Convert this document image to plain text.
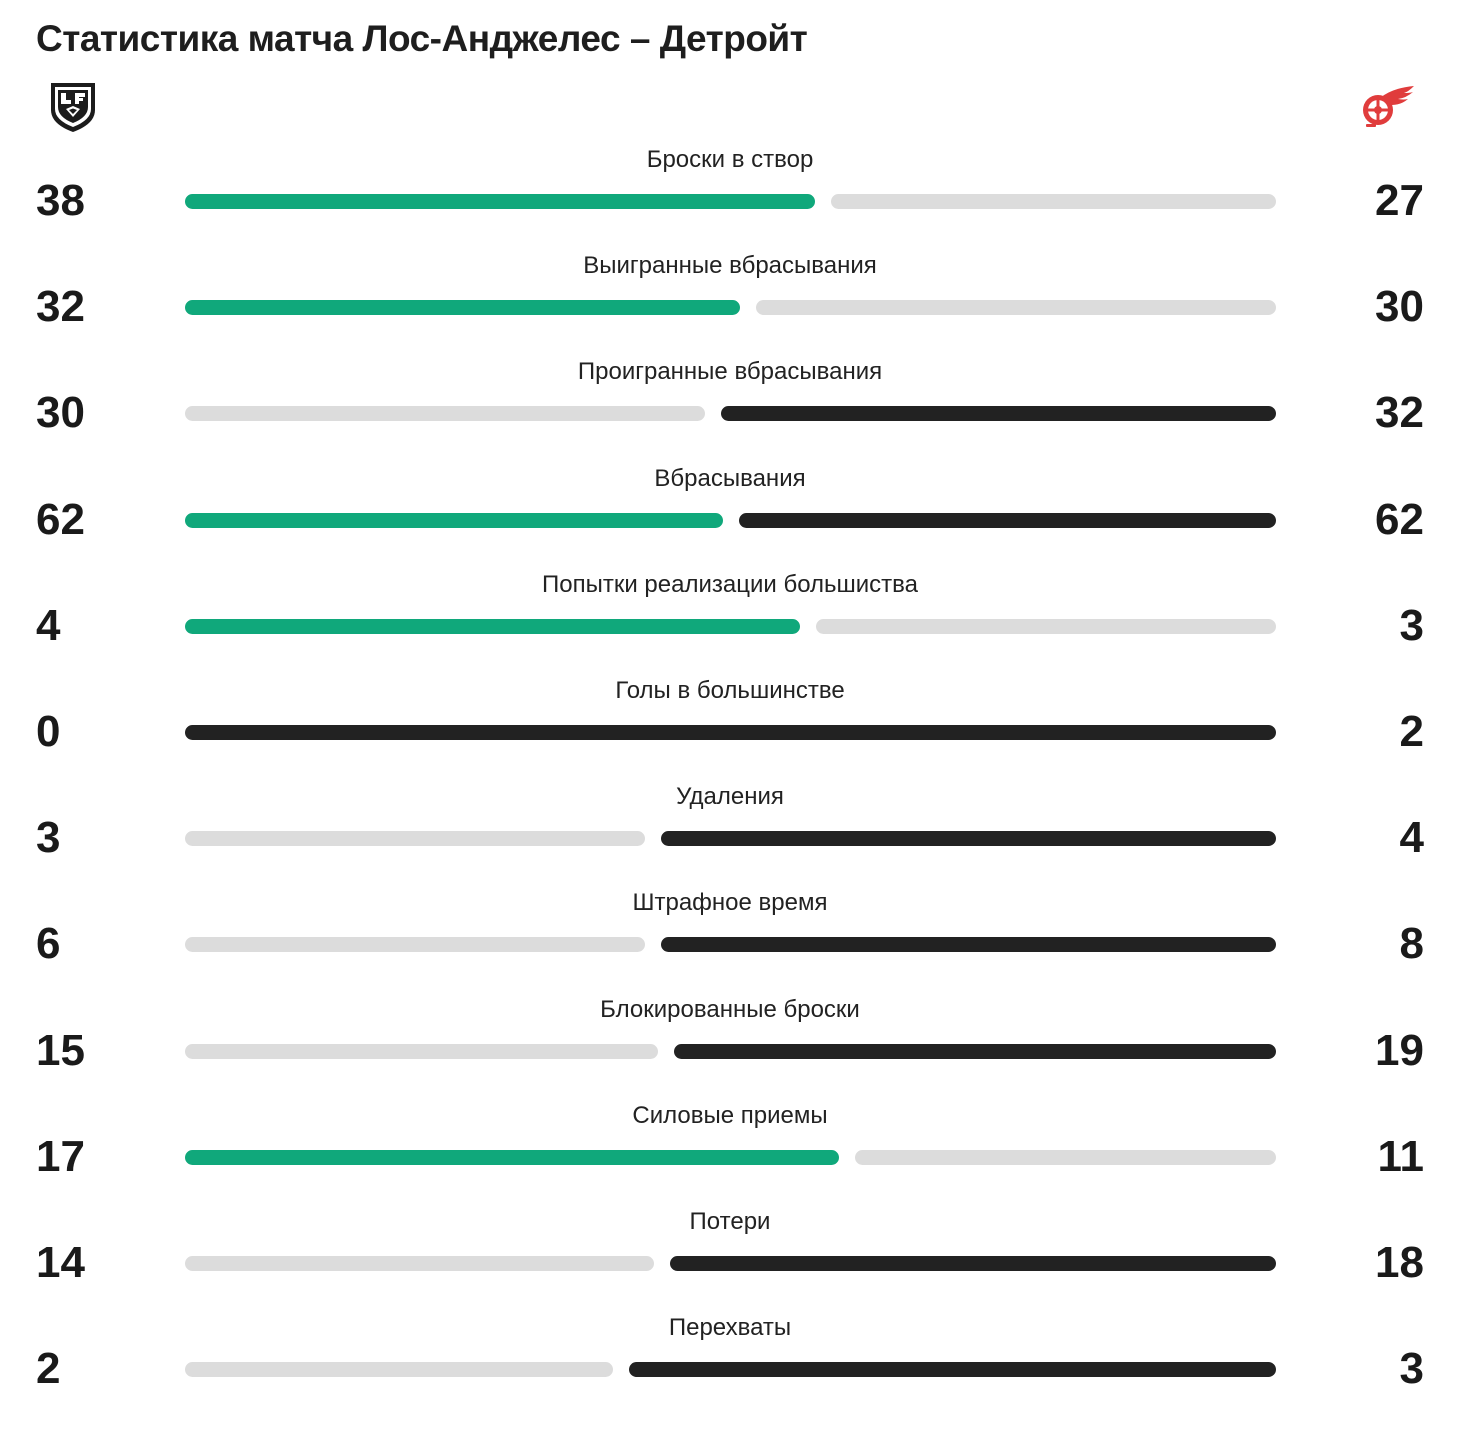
Статистика матча Лос-Анджелес – Детройт
Броски в створ
38	27
Выигранные вбрасывания
32	30
Проигранные вбрасывания
30	32
Вбрасывания
62	62
Попытки реализации большиства
4	3
Голы в большинстве
0	2
Удаления
3	4
Штрафное время
6	8
Блокированные броски
15	19
Силовые приемы
17	11
Потери
14	18
Перехваты
2	3
